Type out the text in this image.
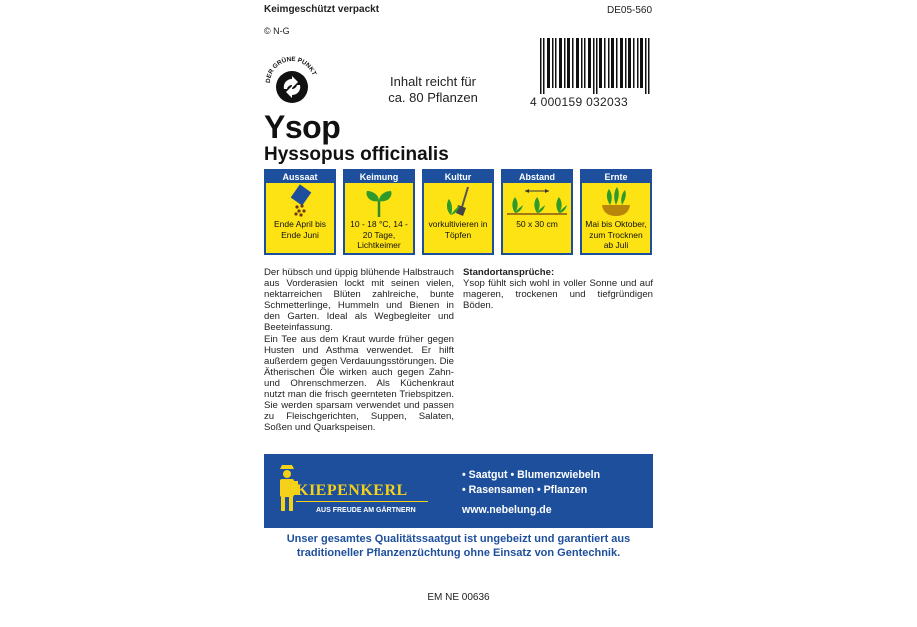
Keimgeschützt verpackt	DE05-560
© N-G
DER GRÜNE PUNKT
Inhalt reicht für
ca. 80 Pflanzen	4 000159 032033
Ysop
Hyssopus officinalis
Aussaat
Ende April bis Ende Juni
Keimung
10 - 18 °C, 14 - 20 Tage, Lichtkeimer
Kultur
vorkultivieren in Töpfen
Abstand
50 x 30 cm
Ernte
Mai bis Oktober, zum Trocknen ab Juli

Der hübsch und üppig blühende Halbstrauch aus Vorderasien lockt mit seinen vielen, nektarreichen Blüten zahlreiche, bunte Schmetterlinge, Hummeln und Bienen in den Garten. Ideal als Wegbegleiter und Beeteinfassung.

Ein Tee aus dem Kraut wurde früher gegen Husten und Asthma verwendet. Er hilft außerdem gegen Verdauungsstörungen. Die Ätherischen Öle wirken auch gegen Zahn- und Ohrenschmerzen. Als Küchenkraut nutzt man die frisch geernteten Triebspitzen. Sie werden sparsam verwendet und passen zu Fleischgerichten, Suppen, Salaten, Soßen und Quarkspeisen.

Standortansprüche:

Ysop fühlt sich wohl in voller Sonne und auf mageren, trockenen und tiefgründigen Böden.

KIEPENKERL
AUS FREUDE AM GÄRTNERN
• Saatgut • Blumenzwiebeln
• Rasensamen • Pflanzen
www.nebelung.de
Unser gesamtes Qualitätssaatgut ist ungebeizt und garantiert aus
traditioneller Pflanzenzüchtung ohne Einsatz von Gentechnik.
EM NE 00636
